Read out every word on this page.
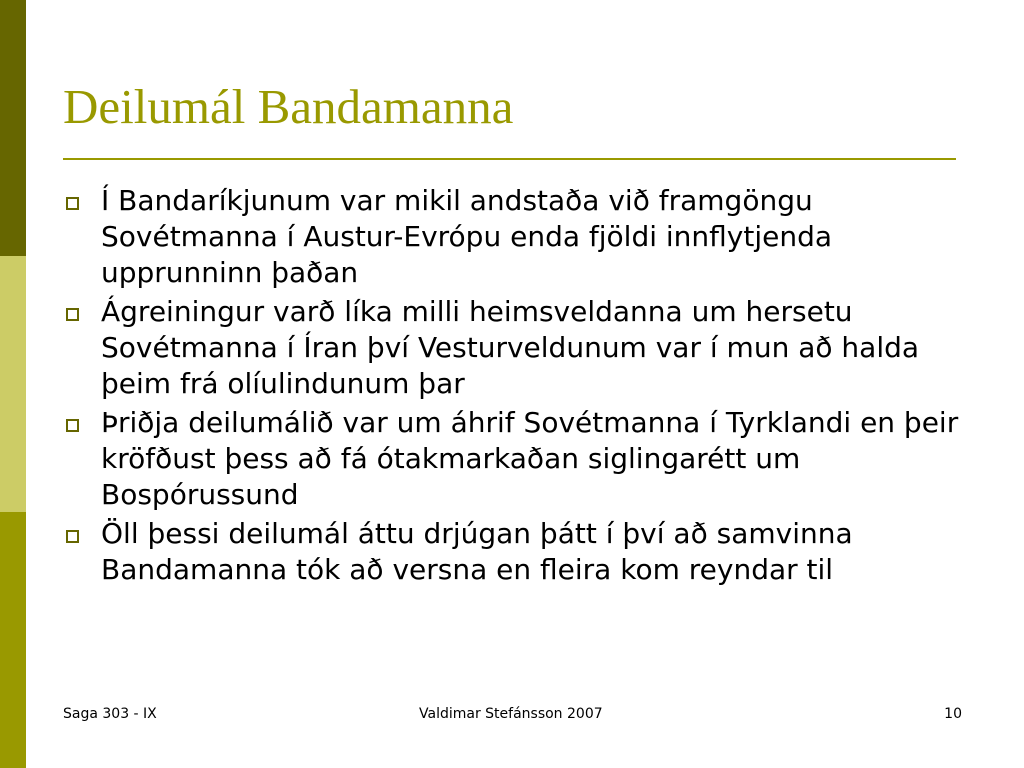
Deilumál Bandamanna
Í Bandaríkjunum var mikil andstaða við framgöngu Sovétmanna í Austur-Evrópu enda fjöldi innflytjenda upprunninn þaðan
Ágreiningur varð líka milli heimsveldanna um hersetu Sovétmanna í Íran því Vesturveldunum var í mun að halda þeim frá olíulindunum þar
Þriðja deilumálið var um áhrif Sovétmanna í Tyrklandi en þeir kröfðust þess að fá ótakmarkaðan siglingarétt um Bospórussund
Öll þessi deilumál áttu drjúgan þátt í því að samvinna Bandamanna tók að versna en fleira kom reyndar til
Saga 303 - IX	Valdimar Stefánsson 2007	10
